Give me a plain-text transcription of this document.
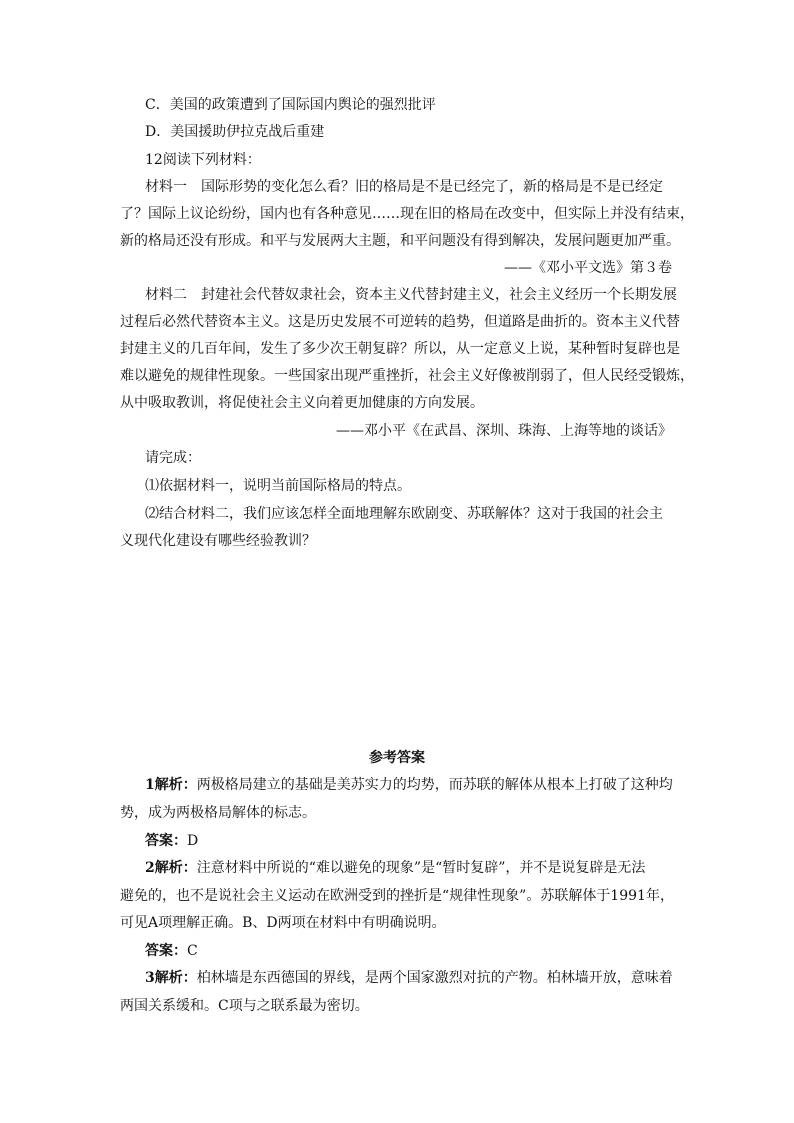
C．美国的政策遭到了国际国内舆论的强烈批评
D．美国援助伊拉克战后重建
12阅读下列材料：
材料一　国际形势的变化怎么看？旧的格局是不是已经完了，新的格局是不是已经定
了？国际上议论纷纷，国内也有各种意见……现在旧的格局在改变中，但实际上并没有结束，
新的格局还没有形成。和平与发展两大主题，和平问题没有得到解决，发展问题更加严重。
——《邓小平文选》第３卷
材料二　封建社会代替奴隶社会，资本主义代替封建主义，社会主义经历一个长期发展
过程后必然代替资本主义。这是历史发展不可逆转的趋势，但道路是曲折的。资本主义代替
封建主义的几百年间，发生了多少次王朝复辟？所以，从一定意义上说，某种暂时复辟也是
难以避免的规律性现象。一些国家出现严重挫折，社会主义好像被削弱了，但人民经受锻炼，
从中吸取教训，将促使社会主义向着更加健康的方向发展。
——邓小平《在武昌、深圳、珠海、上海等地的谈话》
请完成：
⑴依据材料一，说明当前国际格局的特点。
⑵结合材料二，我们应该怎样全面地理解东欧剧变、苏联解体？这对于我国的社会主
义现代化建设有哪些经验教训？
参考答案
1解析：两极格局建立的基础是美苏实力的均势，而苏联的解体从根本上打破了这种均
势，成为两极格局解体的标志。
答案：D
2解析：注意材料中所说的“难以避免的现象”是“暂时复辟”，并不是说复辟是无法
避免的，也不是说社会主义运动在欧洲受到的挫折是“规律性现象”。苏联解体于1991年，
可见A项理解正确。B、D两项在材料中有明确说明。
答案：C
3解析：柏林墙是东西德国的界线，是两个国家激烈对抗的产物。柏林墙开放，意味着
两国关系缓和。C项与之联系最为密切。
